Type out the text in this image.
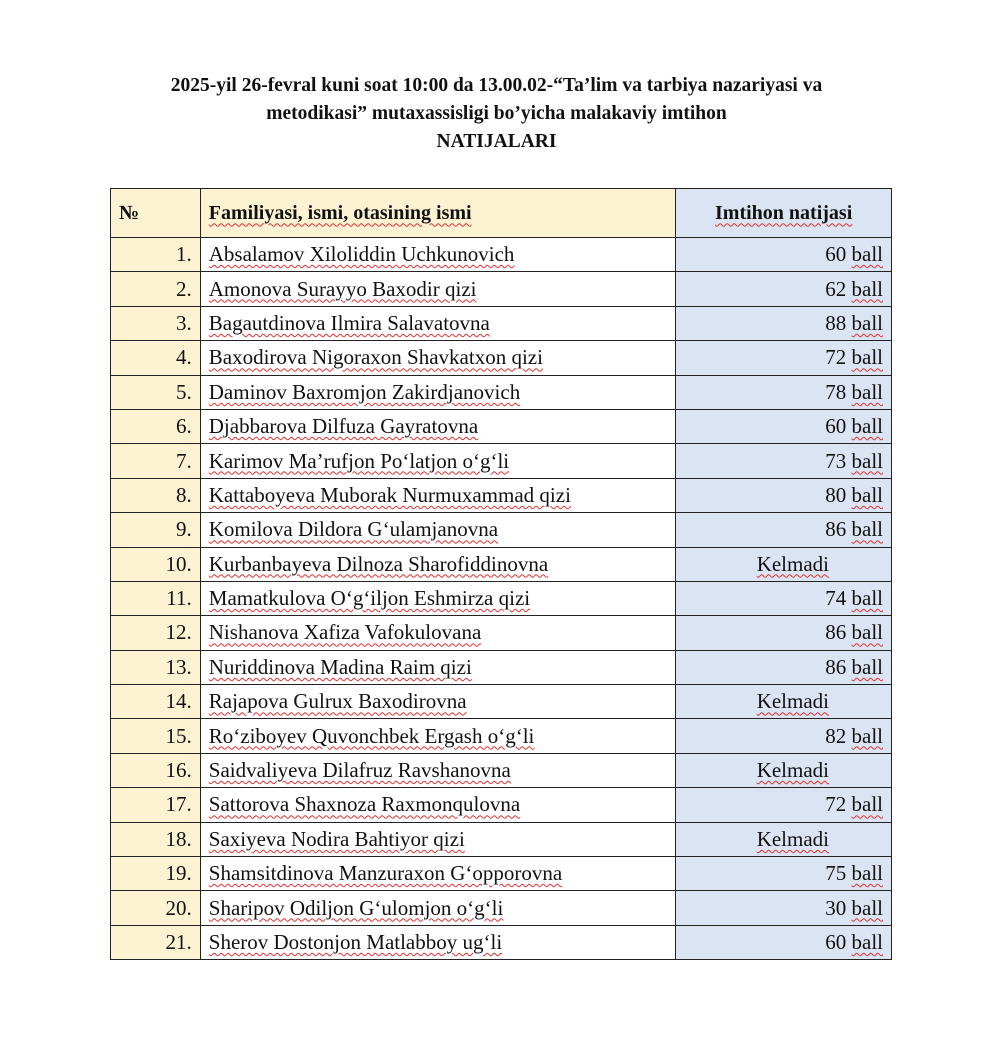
2025-yil 26-fevral kuni soat 10:00 da 13.00.02-“Ta’lim va tarbiya nazariyasi va
metodikasi” mutaxassisligi bo’yicha malakaviy imtihon
NATIJALARI
№	Familiyasi, ismi, otasining ismi	Imtihon natijasi
1.	Absalamov Xiloliddin Uchkunovich	60 ball
2.	Amonova Surayyo Baxodir qizi	62 ball
3.	Bagautdinova Ilmira Salavatovna	88 ball
4.	Baxodirova Nigoraxon Shavkatxon qizi	72 ball
5.	Daminov Baxromjon Zakirdjanovich	78 ball
6.	Djabbarova Dilfuza Gayratovna	60 ball
7.	Karimov Ma’rufjon Po‘latjon o‘g‘li	73 ball
8.	Kattaboyeva Muborak Nurmuxammad qizi	80 ball
9.	Komilova Dildora G‘ulamjanovna	86 ball
10.	Kurbanbayeva Dilnoza Sharofiddinovna	Kelmadi
11.	Mamatkulova O‘g‘iljon Eshmirza qizi	74 ball
12.	Nishanova Xafiza Vafokulovana	86 ball
13.	Nuriddinova Madina Raim qizi	86 ball
14.	Rajapova Gulrux Baxodirovna	Kelmadi
15.	Ro‘ziboyev Quvonchbek Ergash o‘g‘li	82 ball
16.	Saidvaliyeva Dilafruz Ravshanovna	Kelmadi
17.	Sattorova Shaxnoza Raxmonqulovna	72 ball
18.	Saxiyeva Nodira Bahtiyor qizi	Kelmadi
19.	Shamsitdinova Manzuraxon G‘opporovna	75 ball
20.	Sharipov Odiljon G‘ulomjon o‘g‘li	30 ball
21.	Sherov Dostonjon Matlabboy ug‘li	60 ball
